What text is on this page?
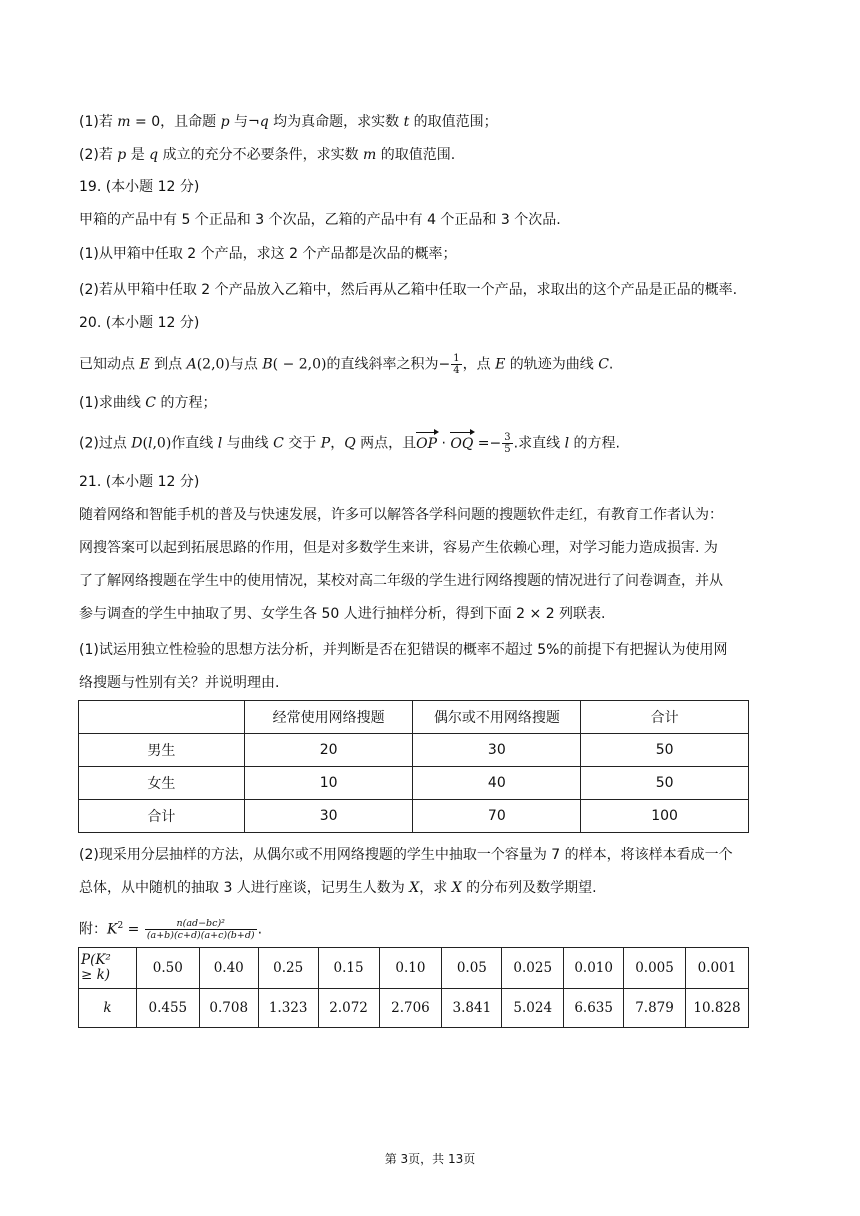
(1)若 m = 0，且命题 p 与¬q 均为真命题，求实数 t 的取值范围；
(2)若 p 是 q 成立的充分不必要条件，求实数 m 的取值范围.
19. (本小题 12 分)
甲箱的产品中有 5 个正品和 3 个次品，乙箱的产品中有 4 个正品和 3 个次品.
(1)从甲箱中任取 2 个产品，求这 2 个产品都是次品的概率；
(2)若从甲箱中任取 2 个产品放入乙箱中，然后再从乙箱中任取一个产品，求取出的这个产品是正品的概率.
20. (本小题 12 分)
已知动点 E 到点 A(2,0)与点 B( − 2,0)的直线斜率之积为− $\frac{1}{4}$ ，点 E 的轨迹为曲线 C.
(1)求曲线 C 的方程；
(2)过点 D(l,0)作直线 l 与曲线 C 交于 P，Q 两点，且OP · OQ =− $\frac{3}{5}$ .求直线 l 的方程.
21. (本小题 12 分)
随着网络和智能手机的普及与快速发展，许多可以解答各学科问题的搜题软件走红，有教育工作者认为：
网搜答案可以起到拓展思路的作用，但是对多数学生来讲，容易产生依赖心理，对学习能力造成损害. 为
了了解网络搜题在学生中的使用情况，某校对高二年级的学生进行网络搜题的情况进行了问卷调查，并从
参与调查的学生中抽取了男、女学生各 50 人进行抽样分析，得到下面 2 × 2 列联表.
(1)试运用独立性检验的思想方法分析，并判断是否在犯错误的概率不超过 5%的前提下有把握认为使用网
络搜题与性别有关？并说明理由.
	经常使用网络搜题	偶尔或不用网络搜题	合计
男生	20	30	50
女生	10	40	50
合计	30	70	100
(2)现采用分层抽样的方法，从偶尔或不用网络搜题的学生中抽取一个容量为 7 的样本，将该样本看成一个
总体，从中随机的抽取 3 人进行座谈，记男生人数为 X，求 X 的分布列及数学期望.
附：$K^2 = \frac{\text{n(ad−bc)²}}{(a+b)(c+d)(a+c)(b+d)}$ .
P(K²
≥ k)	0.50	0.40	0.25	0.15	0.10	0.05	0.025	0.010	0.005	0.001
k	0.455	0.708	1.323	2.072	2.706	3.841	5.024	6.635	7.879	10.828
第 3页，共 13页
